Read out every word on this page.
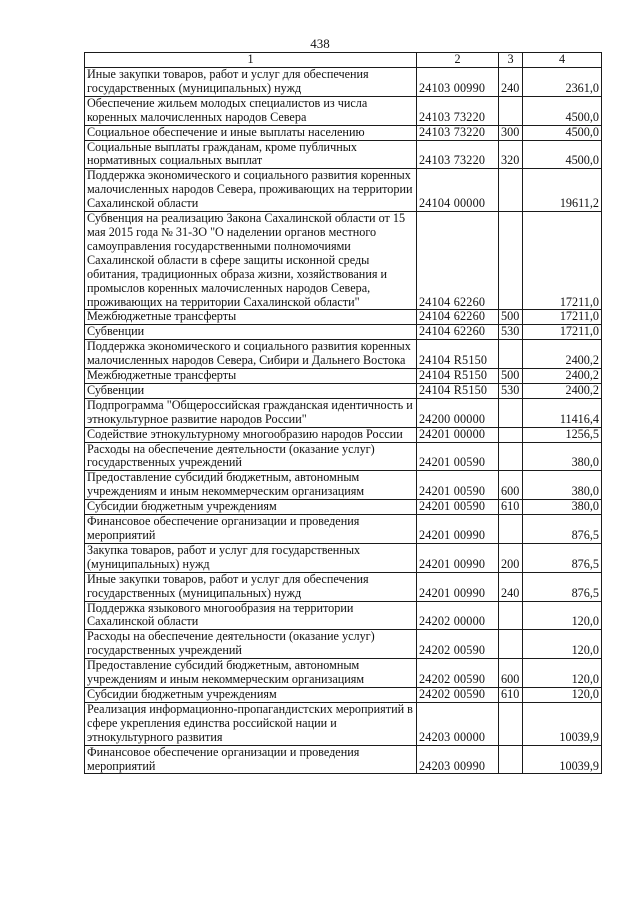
438
1	2	3	4
Иные закупки товаров, работ и услуг для обеспечения государственных (муниципальных) нужд	24103 00990	240	2361,0
Обеспечение жильем молодых специалистов из числа коренных малочисленных народов Севера	24103 73220		4500,0
Социальное обеспечение и иные выплаты населению	24103 73220	300	4500,0
Социальные выплаты гражданам, кроме публичных нормативных социальных выплат	24103 73220	320	4500,0
Поддержка экономического и социального развития коренных малочисленных народов Севера, проживающих на территории Сахалинской области	24104 00000		19611,2
Субвенция на реализацию Закона Сахалинской области от 15 мая 2015 года № 31-ЗО "О наделении органов местного самоуправления государственными полномочиями Сахалинской области в сфере защиты исконной среды обитания, традиционных образа жизни, хозяйствования и промыслов коренных малочисленных народов Севера, проживающих на территории Сахалинской области"	24104 62260		17211,0
Межбюджетные трансферты	24104 62260	500	17211,0
Субвенции	24104 62260	530	17211,0
Поддержка экономического и социального развития коренных малочисленных народов Севера, Сибири и Дальнего Востока	24104 R5150		2400,2
Межбюджетные трансферты	24104 R5150	500	2400,2
Субвенции	24104 R5150	530	2400,2
Подпрограмма "Общероссийская гражданская идентичность и этнокультурное развитие народов России"	24200 00000		11416,4
Содействие этнокультурному многообразию народов России	24201 00000		1256,5
Расходы на обеспечение деятельности (оказание услуг) государственных учреждений	24201 00590		380,0
Предоставление субсидий бюджетным, автономным учреждениям и иным некоммерческим организациям	24201 00590	600	380,0
Субсидии бюджетным учреждениям	24201 00590	610	380,0
Финансовое обеспечение организации и проведения мероприятий	24201 00990		876,5
Закупка товаров, работ и услуг для государственных (муниципальных) нужд	24201 00990	200	876,5
Иные закупки товаров, работ и услуг для обеспечения государственных (муниципальных) нужд	24201 00990	240	876,5
Поддержка языкового многообразия на территории Сахалинской области	24202 00000		120,0
Расходы на обеспечение деятельности (оказание услуг) государственных учреждений	24202 00590		120,0
Предоставление субсидий бюджетным, автономным учреждениям и иным некоммерческим организациям	24202 00590	600	120,0
Субсидии бюджетным учреждениям	24202 00590	610	120,0
Реализация информационно-пропагандистских мероприятий в сфере укрепления единства российской нации и этнокультурного развития	24203 00000		10039,9
Финансовое обеспечение организации и проведения мероприятий	24203 00990		10039,9
